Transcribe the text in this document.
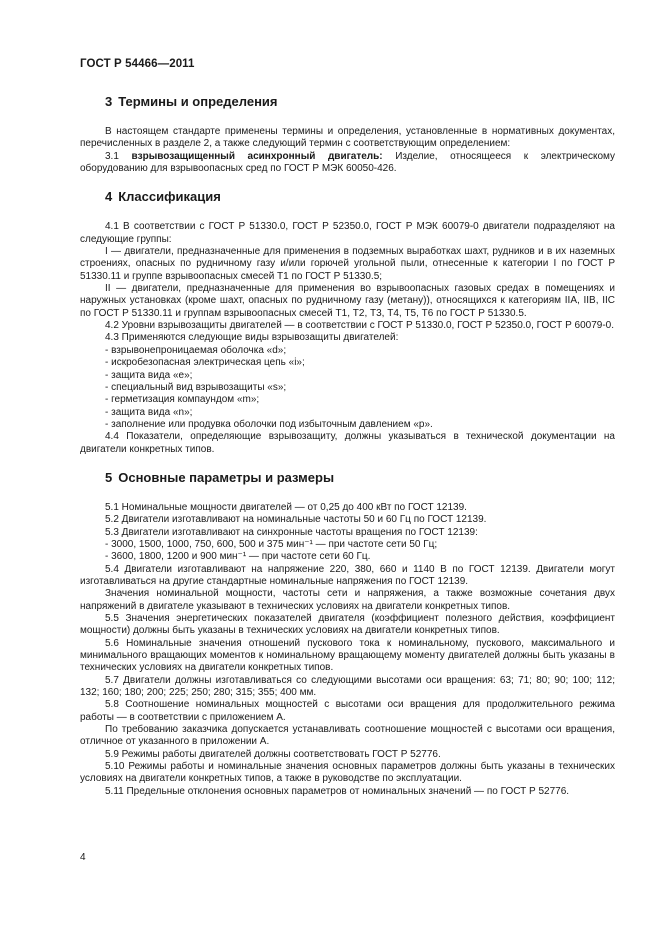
ГОСТ Р 54466—2011
3 Термины и определения

В настоящем стандарте применены термины и определения, установленные в нормативных документах, перечисленных в разделе 2, а также следующий термин с соответствующим определением:

3.1 взрывозащищенный асинхронный двигатель: Изделие, относящееся к электрическому оборудованию для взрывоопасных сред по ГОСТ Р МЭК 60050-426.

4 Классификация

4.1 В соответствии с ГОСТ Р 51330.0, ГОСТ Р 52350.0, ГОСТ Р МЭК 60079-0 двигатели подразделяют на следующие группы:

I — двигатели, предназначенные для применения в подземных выработках шахт, рудников и в их наземных строениях, опасных по рудничному газу и/или горючей угольной пыли, отнесенные к категории I по ГОСТ Р 51330.11 и группе взрывоопасных смесей Т1 по ГОСТ Р 51330.5;

II — двигатели, предназначенные для применения во взрывоопасных газовых средах в помещениях и наружных установках (кроме шахт, опасных по рудничному газу (метану)), относящихся к категориям IIA, IIB, IIC по ГОСТ Р 51330.11 и группам взрывоопасных смесей Т1, Т2, Т3, Т4, Т5, Т6 по ГОСТ Р 51330.5.

4.2 Уровни взрывозащиты двигателей — в соответствии с ГОСТ Р 51330.0, ГОСТ Р 52350.0, ГОСТ Р 60079-0.

4.3 Применяются следующие виды взрывозащиты двигателей:

- взрывонепроницаемая оболочка «d»;

- искробезопасная электрическая цепь «i»;

- защита вида «е»;

- специальный вид взрывозащиты «s»;

- герметизация компаундом «m»;

- защита вида «n»;

- заполнение или продувка оболочки под избыточным давлением «р».

4.4 Показатели, определяющие взрывозащиту, должны указываться в технической документации на двигатели конкретных типов.

5 Основные параметры и размеры

5.1 Номинальные мощности двигателей — от 0,25 до 400 кВт по ГОСТ 12139.

5.2 Двигатели изготавливают на номинальные частоты 50 и 60 Гц по ГОСТ 12139.

5.3 Двигатели изготавливают на синхронные частоты вращения по ГОСТ 12139:

- 3000, 1500, 1000, 750, 600, 500 и 375 мин⁻¹ — при частоте сети 50 Гц;

- 3600, 1800, 1200 и 900 мин⁻¹ — при частоте сети 60 Гц.

5.4 Двигатели изготавливают на напряжение 220, 380, 660 и 1140 В по ГОСТ 12139. Двигатели могут изготавливаться на другие стандартные номинальные напряжения по ГОСТ 12139.

Значения номинальной мощности, частоты сети и напряжения, а также возможные сочетания двух напряжений в двигателе указывают в технических условиях на двигатели конкретных типов.

5.5 Значения энергетических показателей двигателя (коэффициент полезного действия, коэффициент мощности) должны быть указаны в технических условиях на двигатели конкретных типов.

5.6 Номинальные значения отношений пускового тока к номинальному, пускового, максимального и минимального вращающих моментов к номинальному вращающему моменту двигателей должны быть указаны в технических условиях на двигатели конкретных типов.

5.7 Двигатели должны изготавливаться со следующими высотами оси вращения: 63; 71; 80; 90; 100; 112; 132; 160; 180; 200; 225; 250; 280; 315; 355; 400 мм.

5.8 Соотношение номинальных мощностей с высотами оси вращения для продолжительного режима работы — в соответствии с приложением А.

По требованию заказчика допускается устанавливать соотношение мощностей с высотами оси вращения, отличное от указанного в приложении А.

5.9 Режимы работы двигателей должны соответствовать ГОСТ Р 52776.

5.10 Режимы работы и номинальные значения основных параметров должны быть указаны в технических условиях на двигатели конкретных типов, а также в руководстве по эксплуатации.

5.11 Предельные отклонения основных параметров от номинальных значений — по ГОСТ Р 52776.

4
